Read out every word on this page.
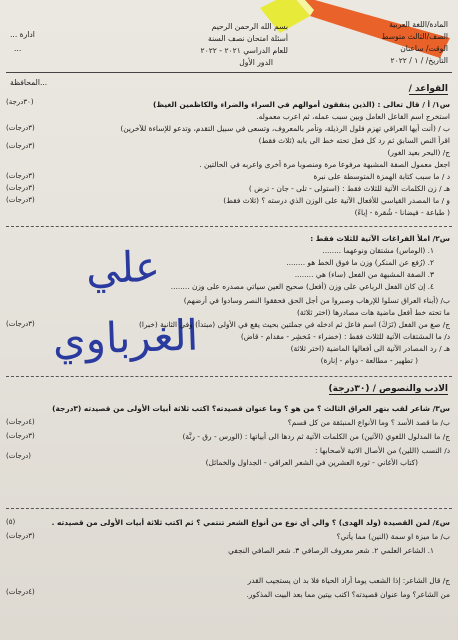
المادة/اللغة العربية
الصف/الثالث متوسط
الوقت/ ساعتان
التاريخ/ / ١ / ٢٠٢٢
بسم الله الرحمن الرحيم
أسئلة امتحان نصف السنة
للعام الدراسي ٢٠٢١ - ٢٠٢٢
الدور الأول
ادارة ...
...
...المحافظة
القواعد /
(٣٠درجة)	س١/ أ / قال تعالى : (الذين ينفقون أموالهم في السراء والضراء والكاظمين الغيظ)
استخرج اسم الفاعل العامل وبين سبب عمله، ثم اعرب معموله.
(٣درجات)	ب / (أنت أيها العراقي تهزم فلول الرذيلة، وتأمر بالمعروف، وتسعى في سبيل التقدم، وتدعو للإساءة للآخرين)
اقرأ النص السابق ثم رد كل فعل تحته خط الى بابه (ثلاث فقط)
(٣درجات)
ج/ (البحر بعيد الغور)
اجعل معمول الصفة المشبهة مرفوعا مرة ومنصوبا مرة أخرى واعربه في الحالتين .
(٣درجات)	د / ما سبب كتابة الهمزة المتوسطة على نبرة
(٣درجات)	هـ / زن الكلمات الآتية للثلاث فقط : (استولى - تلى - جان - ترض )
(٣درجات)	و / ما المصدر القياسي للأفعال الآتية على الوزن الذي درسته ؟ (ثلاث فقط)
( طباعة - فيضانا - شُقرة - إباءً)
س٢/ املأ الفراغات الآتية للثلاث فقط :
١. (الوماس) مشتقان ونوعهما ........
٢. (رُفع عن المنكر) وزن ما فوق الخط هو ........
٣. الصفة المشبهة من الفعل (ساء) هي ........
٤. إن كان الفعل الرباعي على وزن (أفعل) صحيح العين سياتي مصدره على وزن ........
علي الغرباوي
ب/ (أبناء العراق تسلوا للإرهاب وصبروا من أجل الحق فحققوا النصر وسادوا في أرضهم)
ما تحته خط أفعل ماضية هات مصادرها (اختر ثلاثة)
(٣درجات)	ج/ صغ من الفعل (تَرَكَ) اسم فاعل ثم ادخله في جملتين بحيث يقع في الأولى (مبتدأ) وفي الثانية (خبرا)
د/ ما المشتقات الآتية للثلاث فقط : (خضراء - مُخشِر - مقدام - قاض)
هـ / رد المصادر الآتية الى أفعالها الماضية (اختر ثلاثة)
( تطهير - مطالعة - دوام - إنارة)
الادب والنصوص / (٣٠درجة)
س٣/ شاعر لقب بنهر العراق الثالث ؟ من هو ؟ وما عنوان قصيدته؟ اكتب ثلاثة أبيات الأولى من قصيدته (٣درجة)
(٤درجات)	ب/ ما قصد الأسد ؟ وما الأنواع المنبثقة من كل قسم؟
(٣درجات)	ج/ ما المدلول اللغوي (الآتين) من الكلمات الآتية ثم ردها الى أبياتها : (الورس - رق - رنَّة)
(درجات)
د/ النسب (اللين) من الأصال الاتية لأصحابها :
(كتاب الأغاني - ثورة العشرين في الشعر العراقي - الجداول والخمائل)
(٥)	س٤/ لمن القصيدة (ولد الهدى) ؟ والي أي نوع من أنواع الشعر تنتمي ؟ ثم اكتب ثلاثة أبيات الأولى من قصيدته .
(٣درجات)	ب/ ما ميزة او سمة (النين) مما يأتي؟
١. الشاعر العلمي ٢. شعر معروف الرصافي ٣. شعر الصافي النجفي
(٤درجات)
ج/ قال الشاعر: إذا الشعب يوما أراد الحياة فلا بد ان يستجيب القدر
من الشاعر؟ وما عنوان قصيدته؟ اكتب بيتين مما بعد البيت المذكور.
